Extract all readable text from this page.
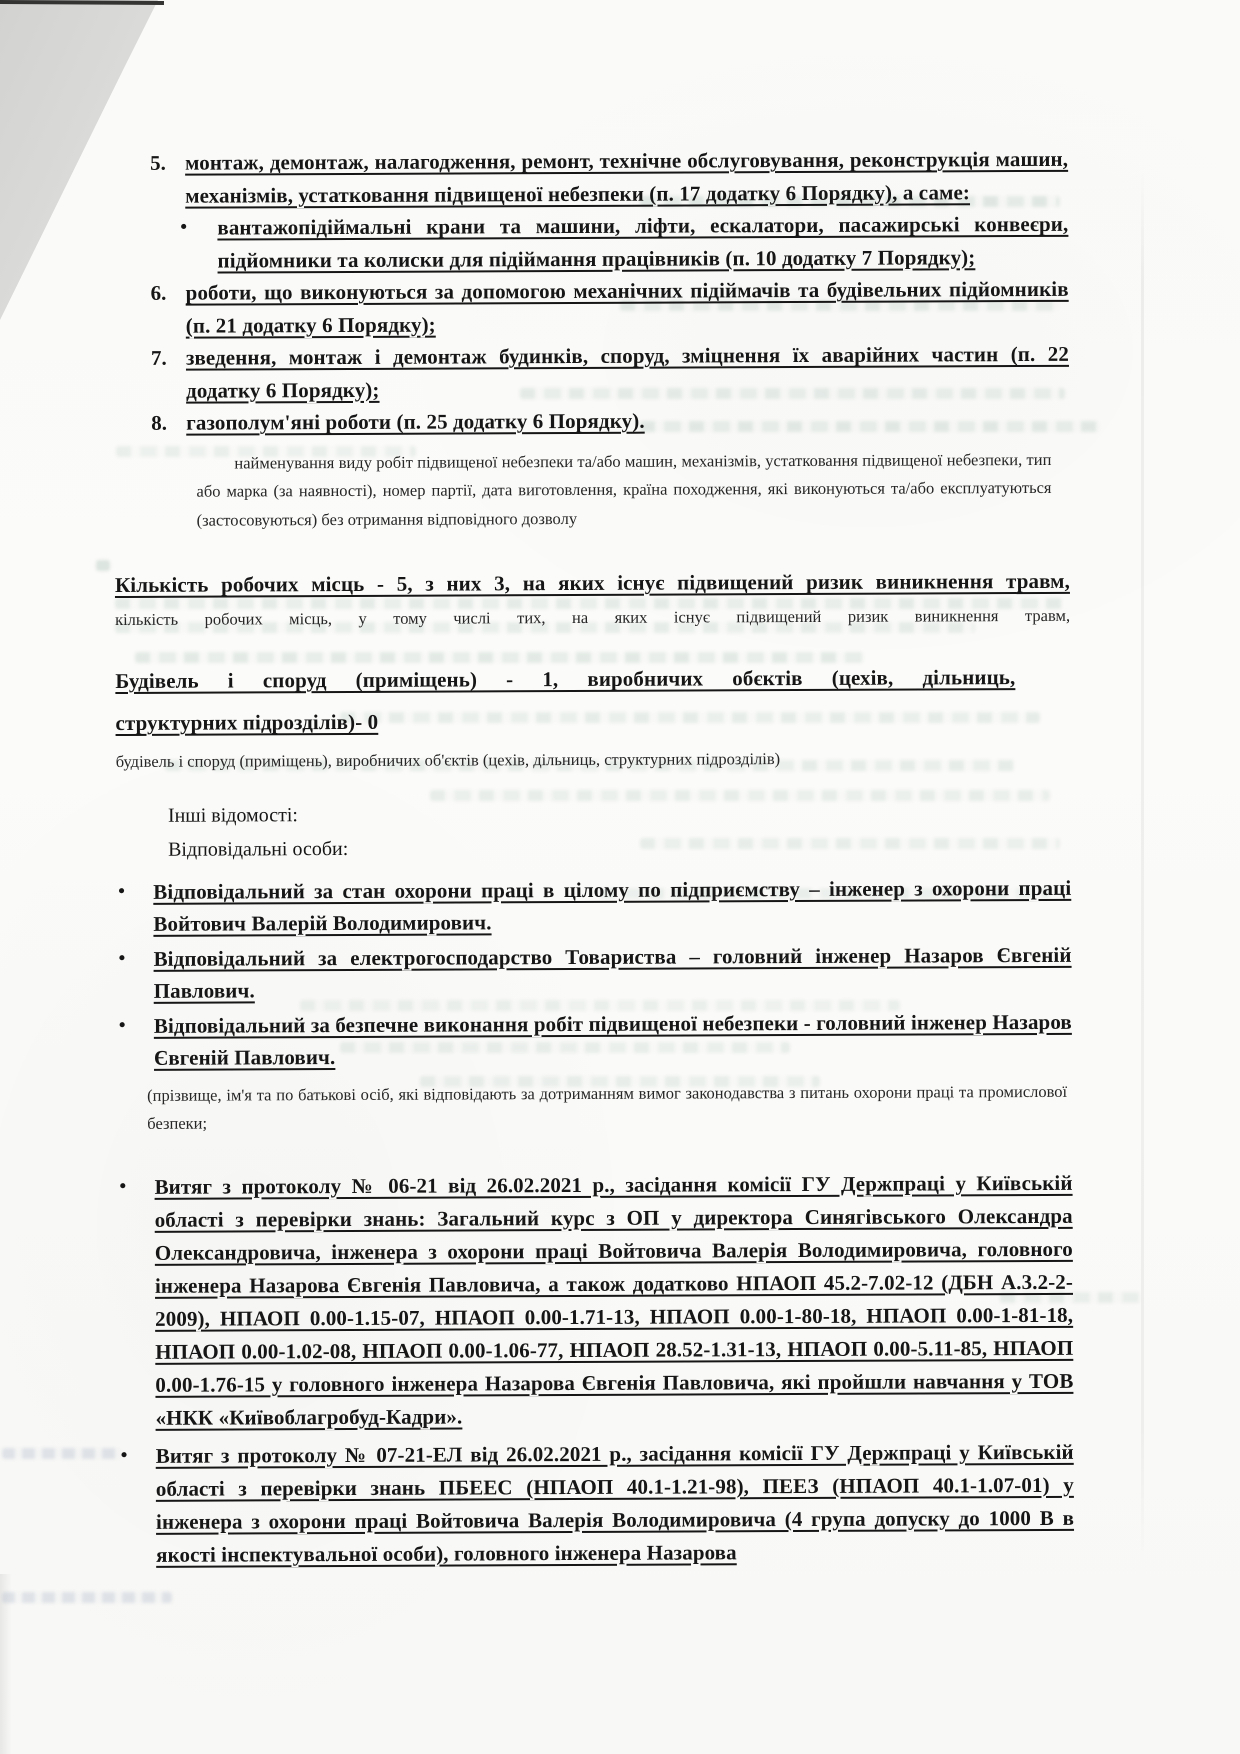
5. монтаж, демонтаж, налагодження, ремонт, технічне обслуговування, реконструкція машин, механізмів, устатковання підвищеної небезпеки (п. 17 додатку 6 Порядку), а саме:
•	вантажопідіймальні крани та машини, ліфти, ескалатори, пасажирські конвеєри, підйомники та колиски для підіймання працівників (п. 10 додатку 7 Порядку);
6. роботи, що виконуються за допомогою механічних підіймачів та будівельних підйомників (п. 21 додатку 6 Порядку);
7. зведення, монтаж і демонтаж будинків, споруд, зміцнення їх аварійних частин (п. 22 додатку 6 Порядку);
8. газополум'яні роботи (п. 25 додатку 6 Порядку).
найменування виду робіт підвищеної небезпеки та/або машин, механізмів, устатковання підвищеної небезпеки, тип або марка (за наявності), номер партії, дата виготовлення, країна походження, які виконуються та/або експлуатуються (застосовуються) без отримання відповідного дозволу
Кількість робочих місць - 5, з них 3, на яких існує підвищений ризик виникнення травм,
кількість робочих місць, у тому числі тих, на яких існує підвищений ризик виникнення травм,
Будівель і споруд (приміщень) - 1, виробничих обєктів (цехів, дільниць,
структурних підрозділів)- 0
будівель і споруд (приміщень), виробничих об'єктів (цехів, дільниць, структурних підрозділів)
Інші відомості:
Відповідальні особи:
•	Відповідальний за стан охорони праці в цілому по підприємству – інженер з охорони праці Войтович Валерій Володимирович.
•	Відповідальний за електрогосподарство Товариства – головний інженер Назаров Євгеній Павлович.
•	Відповідальний за безпечне виконання робіт підвищеної небезпеки - головний інженер Назаров Євгеній Павлович.
(прізвище, ім'я та по батькові осіб, які відповідають за дотриманням вимог законодавства з питань охорони праці та промислової безпеки;
•	Витяг з протоколу № 06-21 від 26.02.2021 р., засідання комісії ГУ Держпраці у Київській області з перевірки знань: Загальний курс з ОП у директора Синягівського Олександра Олександровича, інженера з охорони праці Войтовича Валерія Володимировича, головного інженера Назарова Євгенія Павловича, а також додатково НПАОП 45.2-7.02-12 (ДБН А.3.2-2-2009), НПАОП 0.00-1.15-07, НПАОП 0.00-1.71-13, НПАОП 0.00-1-80-18, НПАОП 0.00-1-81-18, НПАОП 0.00-1.02-08, НПАОП 0.00-1.06-77, НПАОП 28.52-1.31-13, НПАОП 0.00-5.11-85, НПАОП 0.00-1.76-15 у головного інженера Назарова Євгенія Павловича, які пройшли навчання у ТОВ «НКК «Київоблагробуд-Кадри».
•	Витяг з протоколу № 07-21-ЕЛ від 26.02.2021 р., засідання комісії ГУ Держпраці у Київській області з перевірки знань ПБЕЕС (НПАОП 40.1-1.21-98), ПЕЕЗ (НПАОП 40.1-1.07-01) у інженера з охорони праці Войтовича Валерія Володимировича (4 група допуску до 1000 В в якості інспектувальної особи), головного інженера Назарова
